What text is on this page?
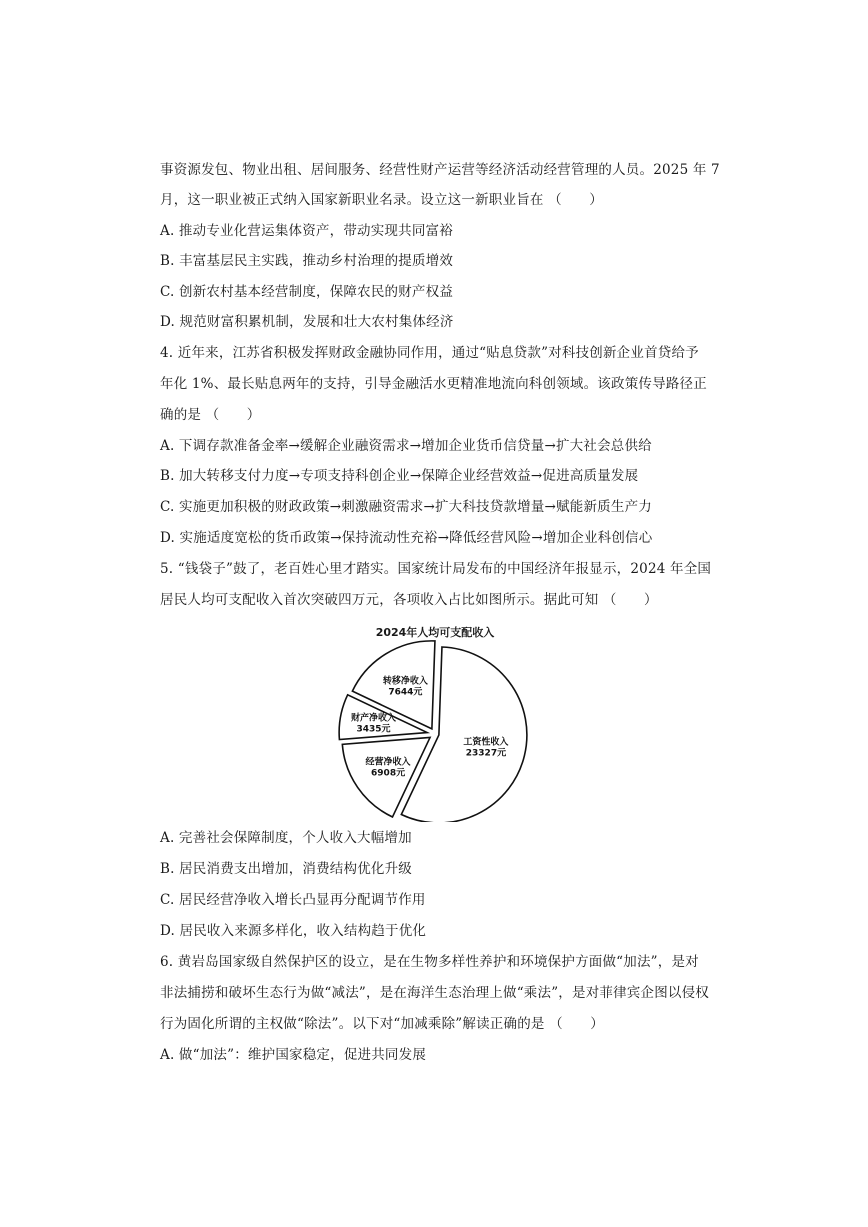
事资源发包、物业出租、居间服务、经营性财产运营等经济活动经营管理的人员。2025 年 7
月，这一职业被正式纳入国家新职业名录。设立这一新职业旨在 （　　）
A. 推动专业化营运集体资产，带动实现共同富裕
B. 丰富基层民主实践，推动乡村治理的提质增效
C. 创新农村基本经营制度，保障农民的财产权益
D. 规范财富积累机制，发展和壮大农村集体经济
4. 近年来，江苏省积极发挥财政金融协同作用，通过“贴息贷款”对科技创新企业首贷给予
年化 1%、最长贴息两年的支持，引导金融活水更精准地流向科创领域。该政策传导路径正
确的是 （　　）
A. 下调存款准备金率→缓解企业融资需求→增加企业货币信贷量→扩大社会总供给
B. 加大转移支付力度→专项支持科创企业→保障企业经营效益→促进高质量发展
C. 实施更加积极的财政政策→刺激融资需求→扩大科技贷款增量→赋能新质生产力
D. 实施适度宽松的货币政策→保持流动性充裕→降低经营风险→增加企业科创信心
5. “钱袋子”鼓了，老百姓心里才踏实。国家统计局发布的中国经济年报显示，2024 年全国
居民人均可支配收入首次突破四万元，各项收入占比如图所示。据此可知 （　　）
2024年人均可支配收入
工资性收入
23327元
经营净收入
6908元
财产净收入
3435元
转移净收入
7644元
A. 完善社会保障制度，个人收入大幅增加
B. 居民消费支出增加，消费结构优化升级
C. 居民经营净收入增长凸显再分配调节作用
D. 居民收入来源多样化，收入结构趋于优化
6. 黄岩岛国家级自然保护区的设立，是在生物多样性养护和环境保护方面做“加法”，是对
非法捕捞和破坏生态行为做“减法”，是在海洋生态治理上做“乘法”，是对菲律宾企图以侵权
行为固化所谓的主权做“除法”。以下对“加减乘除”解读正确的是 （　　）
A. 做“加法”：维护国家稳定，促进共同发展
